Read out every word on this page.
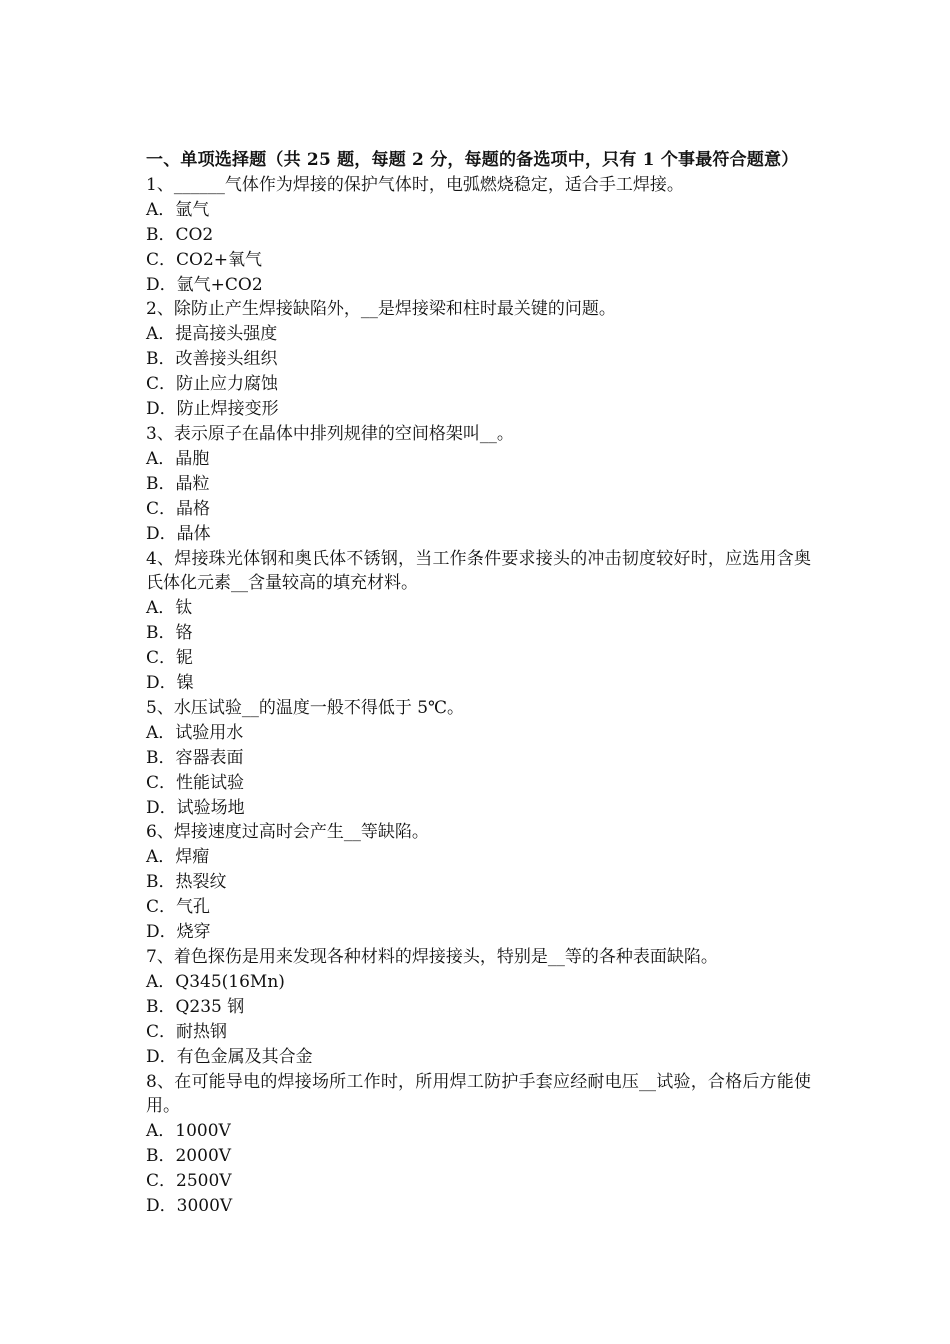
一、单项选择题（共 25 题，每题 2 分，每题的备选项中，只有 1 个事最符合题意）
1、______气体作为焊接的保护气体时，电弧燃烧稳定，适合手工焊接。
A．氩气
B．CO2
C．CO2+氧气
D．氩气+CO2
2、除防止产生焊接缺陷外，__是焊接梁和柱时最关键的问题。
A．提高接头强度
B．改善接头组织
C．防止应力腐蚀
D．防止焊接变形
3、表示原子在晶体中排列规律的空间格架叫__。
A．晶胞
B．晶粒
C．晶格
D．晶体
4、焊接珠光体钢和奥氏体不锈钢，当工作条件要求接头的冲击韧度较好时，应选用含奥氏体化元素__含量较高的填充材料。
A．钛
B．铬
C．铌
D．镍
5、水压试验__的温度一般不得低于 5℃。
A．试验用水
B．容器表面
C．性能试验
D．试验场地
6、焊接速度过高时会产生__等缺陷。
A．焊瘤
B．热裂纹
C．气孔
D．烧穿
7、着色探伤是用来发现各种材料的焊接接头，特别是__等的各种表面缺陷。
A．Q345(16Mn)
B．Q235 钢
C．耐热钢
D．有色金属及其合金
8、在可能导电的焊接场所工作时，所用焊工防护手套应经耐电压__试验，合格后方能使用。
A．1000V
B．2000V
C．2500V
D．3000V
